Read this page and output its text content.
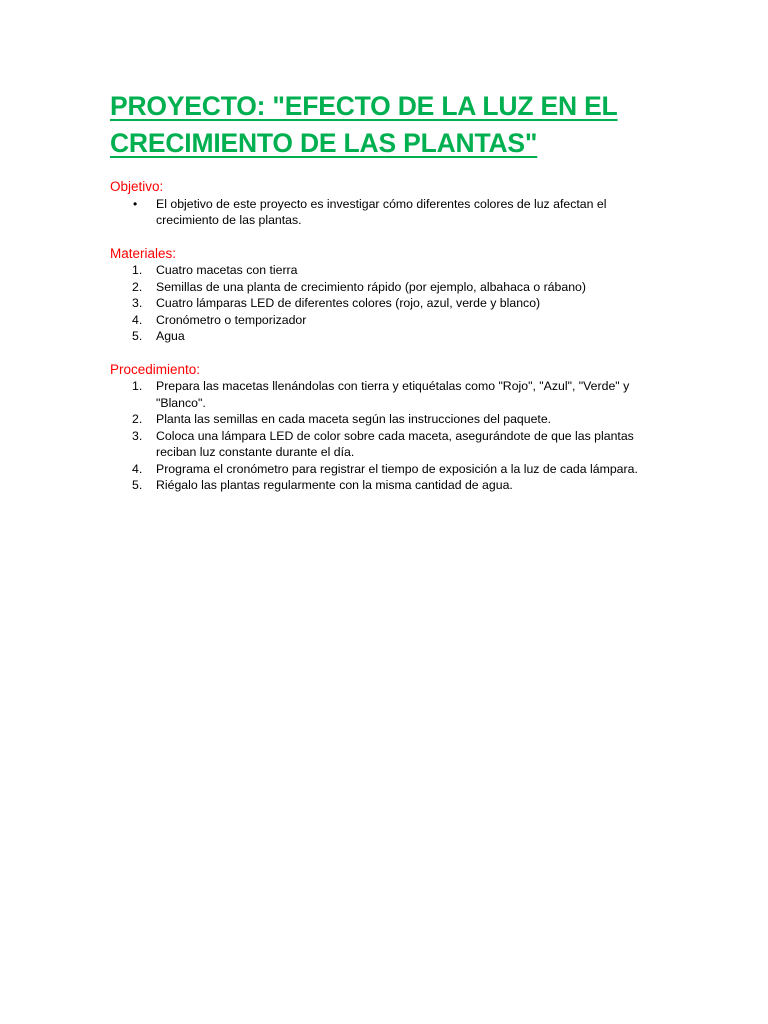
PROYECTO: "EFECTO DE LA LUZ EN EL CRECIMIENTO DE LAS PLANTAS"

Objetivo:

•	El objetivo de este proyecto es investigar cómo diferentes colores de luz afectan el crecimiento de las plantas.

Materiales:

1.	Cuatro macetas con tierra
2.	Semillas de una planta de crecimiento rápido (por ejemplo, albahaca o rábano)
3.	Cuatro lámparas LED de diferentes colores (rojo, azul, verde y blanco)
4.	Cronómetro o temporizador
5.	Agua

Procedimiento:

1.	Prepara las macetas llenándolas con tierra y etiquétalas como "Rojo", "Azul", "Verde" y "Blanco".
2.	Planta las semillas en cada maceta según las instrucciones del paquete.
3.	Coloca una lámpara LED de color sobre cada maceta, asegurándote de que las plantas reciban luz constante durante el día.
4.	Programa el cronómetro para registrar el tiempo de exposición a la luz de cada lámpara.
5.	Riégalo las plantas regularmente con la misma cantidad de agua.
